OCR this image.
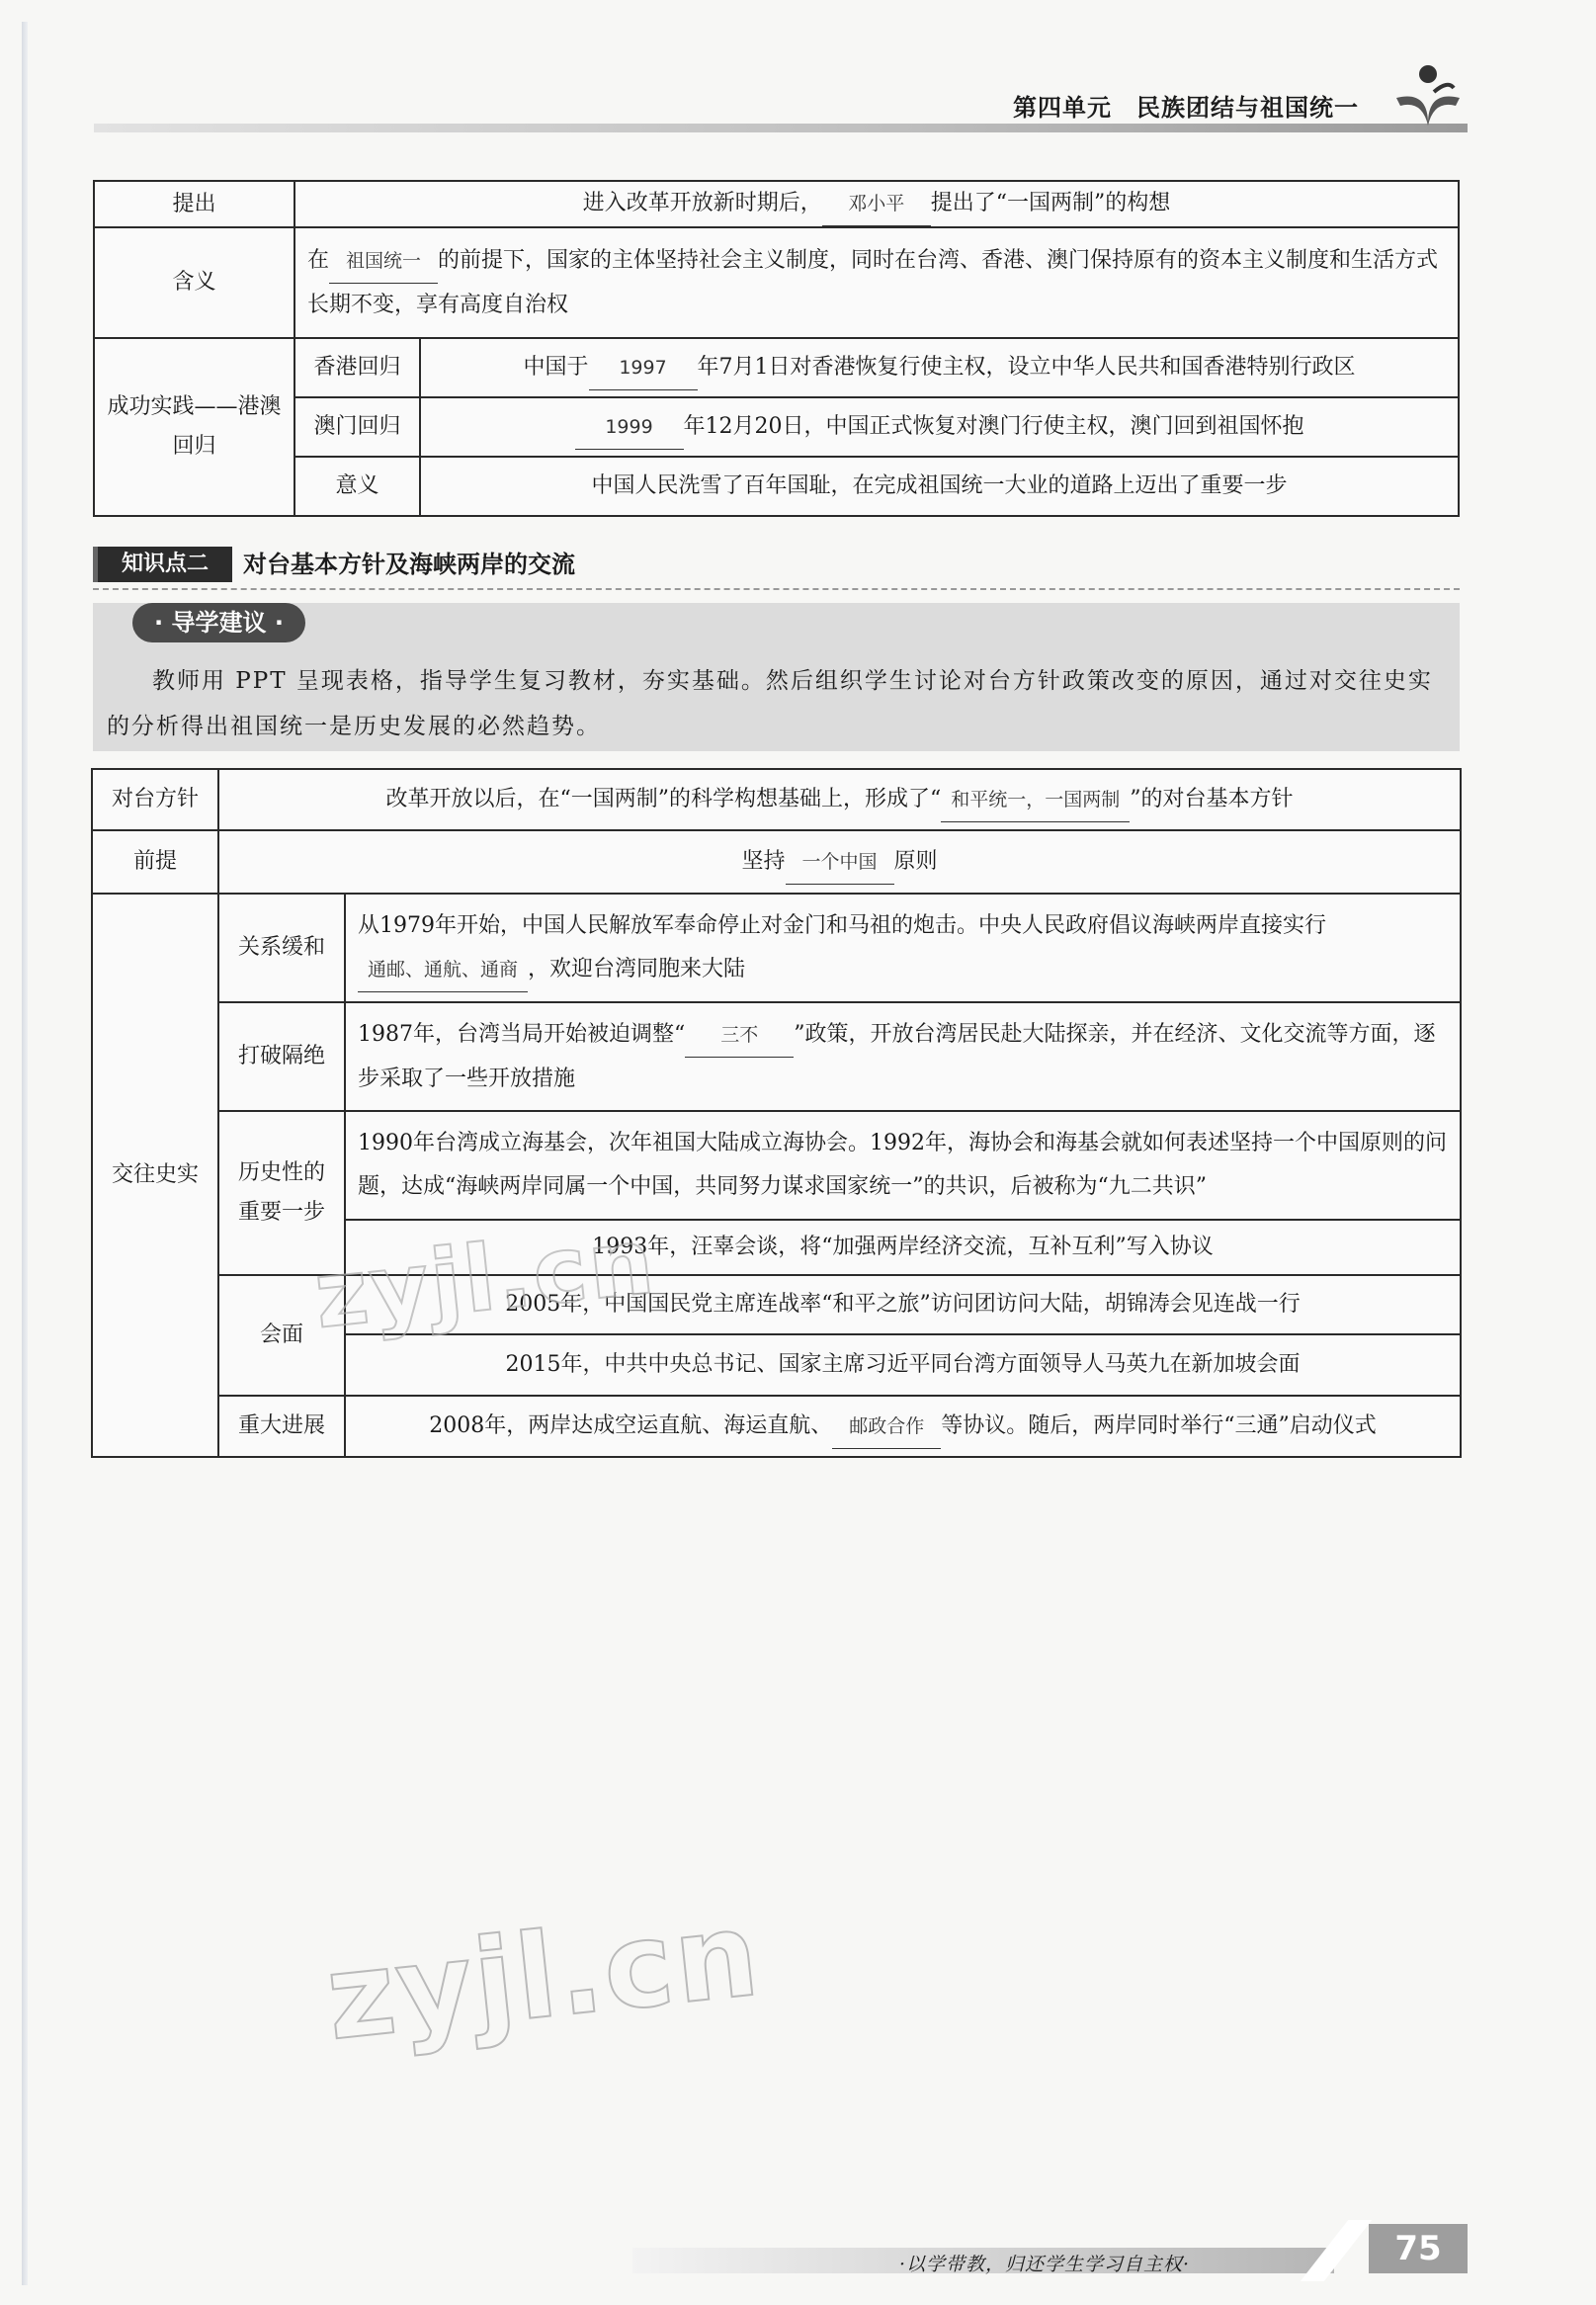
第四单元　民族团结与祖国统一
提出	进入改革开放新时期后， 邓小平 提出了“一国两制”的构想	
含义	在 祖国统一 的前提下，国家的主体坚持社会主义制度，同时在台湾、香港、澳门保持原有的资本主义制度和生活方式长期不变，享有高度自治权	
成功实践——港澳回归	香港回归	中国于 1997 年7月1日对香港恢复行使主权，设立中华人民共和国香港特别行政区
	澳门回归	1999 年12月20日，中国正式恢复对澳门行使主权，澳门回到祖国怀抱
	意义	中国人民洗雪了百年国耻，在完成祖国统一大业的道路上迈出了重要一步
知识点二	对台基本方针及海峡两岸的交流
· 导学建议 ·
教师用 PPT 呈现表格，指导学生复习教材，夯实基础。然后组织学生讨论对台方针政策改变的原因，通过对交往史实的分析得出祖国统一是历史发展的必然趋势。
对台方针	改革开放以后，在“一国两制”的科学构想基础上，形成了“ 和平统一，一国两制 ”的对台基本方针	
前提	坚持 一个中国 原则	
交往史实	关系缓和	从1979年开始，中国人民解放军奉命停止对金门和马祖的炮击。中央人民政府倡议海峡两岸直接实行通邮、通航、通商 ，欢迎台湾同胞来大陆
	打破隔绝	1987年，台湾当局开始被迫调整“ 三不 ”政策，开放台湾居民赴大陆探亲，并在经济、文化交流等方面，逐步采取了一些开放措施
	历史性的重要一步	1990年台湾成立海基会，次年祖国大陆成立海协会。1992年，海协会和海基会就如何表述坚持一个中国原则的问题，达成“海峡两岸同属一个中国，共同努力谋求国家统一”的共识，后被称为“九二共识”
		1993年，汪辜会谈，将“加强两岸经济交流，互补互利”写入协议
	会面	2005年，中国国民党主席连战率“和平之旅”访问团访问大陆，胡锦涛会见连战一行
		2015年，中共中央总书记、国家主席习近平同台湾方面领导人马英九在新加坡会面
	重大进展	2008年，两岸达成空运直航、海运直航、 邮政合作 等协议。随后，两岸同时举行“三通”启动仪式
zyjl.cn
zyjl.cn
·以学带教，归还学生学习自主权·	75
